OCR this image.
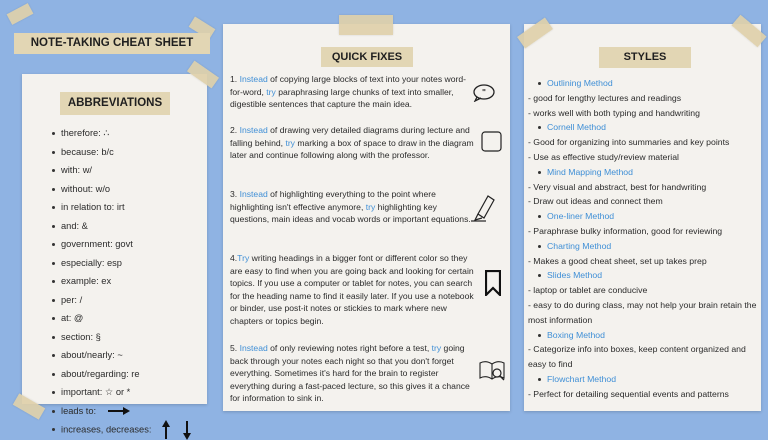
NOTE-TAKING CHEAT SHEET
ABBREVIATIONS
therefore: ∴
because: b/c
with: w/
without: w/o
in relation to: irt
and: &
government: govt
especially: esp
example: ex
per: /
at: @
section: §
about/nearly: ~
about/regarding: re
important: ☆ or *
leads to:
increases, decreases:
QUICK FIXES

1. Instead of copying large blocks of text into your notes word-for-word, try paraphrasing large chunks of text into smaller, digestible sentences that capture the main idea.

2. Instead of drawing very detailed diagrams during lecture and falling behind, try marking a box of space to draw in the diagram later and continue following along with the professor.

3. Instead of highlighting everything to the point where highlighting isn't effective anymore, try highlighting key questions, main ideas and vocab words or important equations.

4.Try writing headings in a bigger font or different color so they are easy to find when you are going back and looking for certain topics. If you use a computer or tablet for notes, you can search for the heading name to find it easily later. If you use a notebook or binder, use post-it notes or stickies to mark where new chapters or topics begin.

5. Instead of only reviewing notes right before a test, try going back through your notes each night so that you don't forget everything. Sometimes it's hard for the brain to register everything during a fast-paced lecture, so this gives it a chance for information to sink in.

"
STYLES
Outlining Method
- good for lengthy lectures and readings
- works well with both typing and handwriting
Cornell Method
- Good for organizing into summaries and key points
- Use as effective study/review material
Mind Mapping Method
- Very visual and abstract, best for handwriting
- Draw out ideas and connect them
One-liner Method
- Paraphrase bulky information, good for reviewing
Charting Method
- Makes a good cheat sheet, set up takes prep
Slides Method
- laptop or tablet are conducive
- easy to do during class, may not help your brain retain the most information
Boxing Method
- Categorize info into boxes, keep content organized and easy to find
Flowchart Method
- Perfect for detailing sequential events and patterns
